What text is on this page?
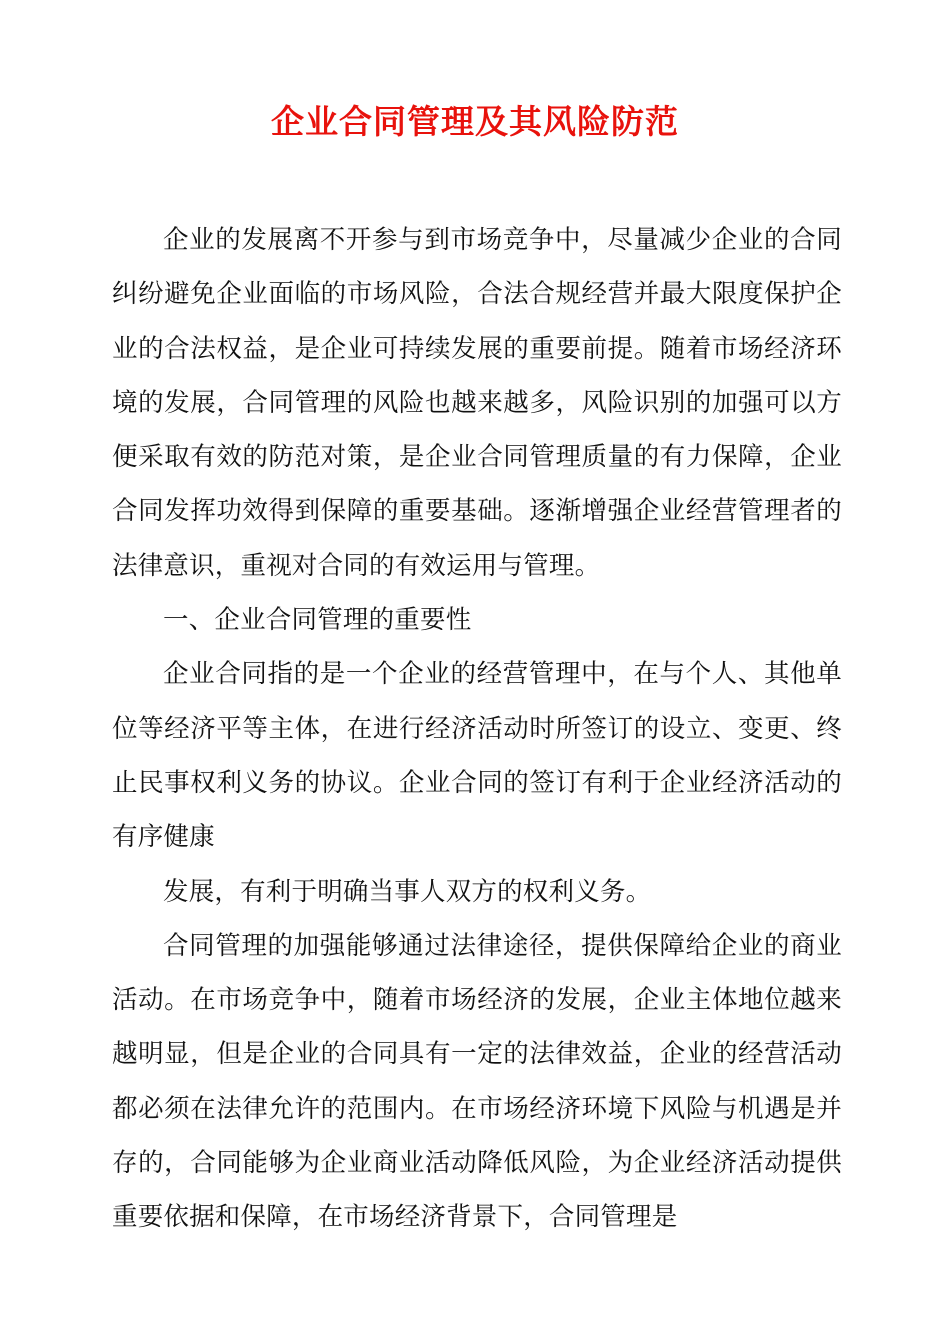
企业合同管理及其风险防范

企业的发展离不开参与到市场竞争中，尽量减少企业的合同纠纷避免企业面临的市场风险，合法合规经营并最大限度保护企业的合法权益，是企业可持续发展的重要前提。随着市场经济环境的发展，合同管理的风险也越来越多，风险识别的加强可以方便采取有效的防范对策，是企业合同管理质量的有力保障，企业合同发挥功效得到保障的重要基础。逐渐增强企业经营管理者的法律意识，重视对合同的有效运用与管理。

一、企业合同管理的重要性

企业合同指的是一个企业的经营管理中，在与个人、其他单位等经济平等主体，在进行经济活动时所签订的设立、变更、终止民事权利义务的协议。企业合同的签订有利于企业经济活动的有序健康

发展，有利于明确当事人双方的权利义务。

合同管理的加强能够通过法律途径，提供保障给企业的商业活动。在市场竞争中，随着市场经济的发展，企业主体地位越来越明显，但是企业的合同具有一定的法律效益，企业的经营活动都必须在法律允许的范围内。在市场经济环境下风险与机遇是并存的，合同能够为企业商业活动降低风险，为企业经济活动提供重要依据和保障，在市场经济背景下，合同管理是
